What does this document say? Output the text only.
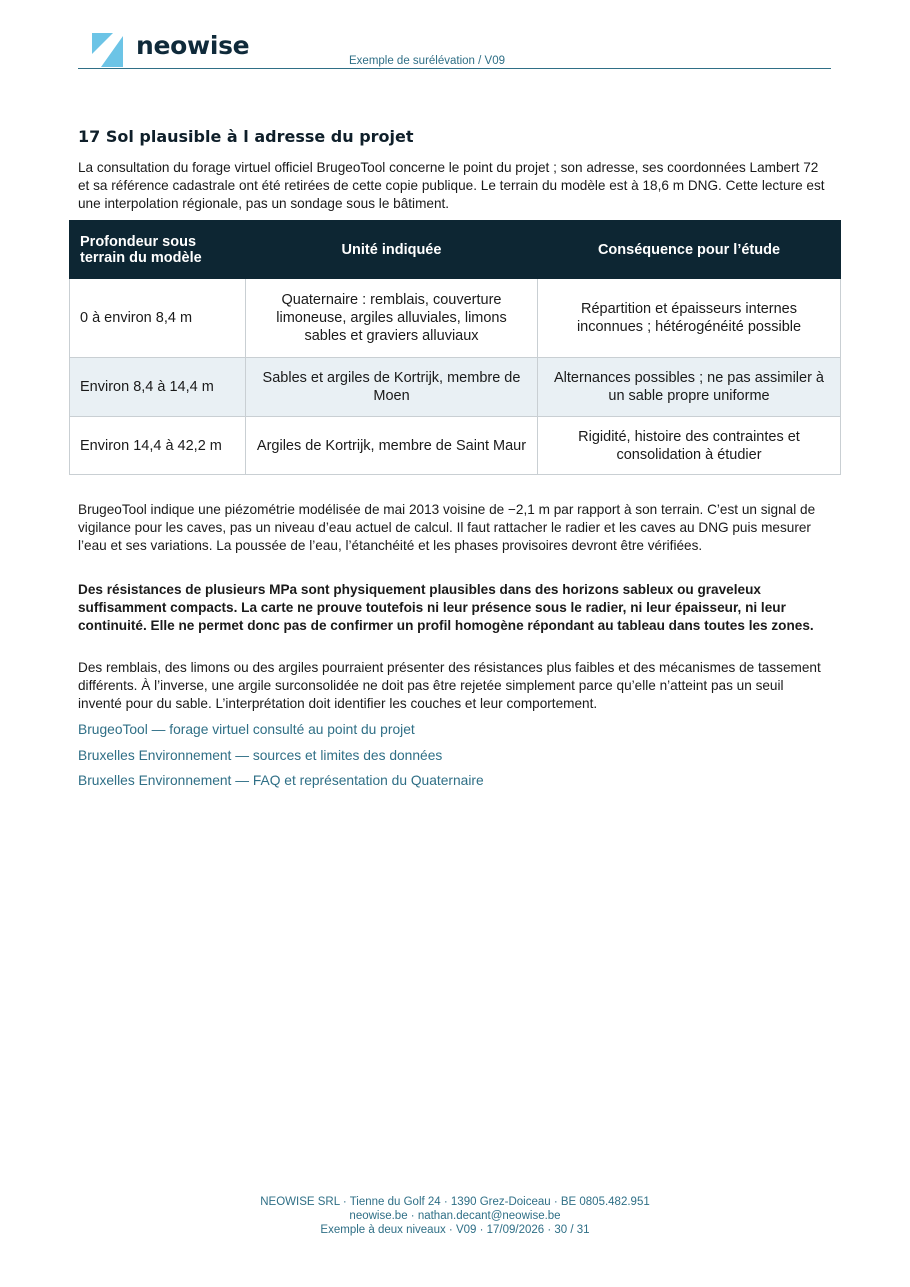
neowise
Exemple de surélévation / V09
17 Sol plausible à l adresse du projet
La consultation du forage virtuel officiel BrugeoTool concerne le point du projet ; son adresse, ses coordonnées Lambert 72 et sa référence cadastrale ont été retirées de cette copie publique. Le terrain du modèle est à 18,6 m DNG. Cette lecture est une interpolation régionale, pas un sondage sous le bâtiment.
Profondeur sous terrain du modèle	Unité indiquée	Conséquence pour l’étude
0 à environ 8,4 m	Quaternaire : remblais, couverture limoneuse, argiles alluviales, limons sables et graviers alluviaux	Répartition et épaisseurs internes inconnues ; hétérogénéité possible
Environ 8,4 à 14,4 m	Sables et argiles de Kortrijk, membre de Moen	Alternances possibles ; ne pas assimiler à un sable propre uniforme
Environ 14,4 à 42,2 m	Argiles de Kortrijk, membre de Saint Maur	Rigidité, histoire des contraintes et consolidation à étudier
BrugeoTool indique une piézométrie modélisée de mai 2013 voisine de −2,1 m par rapport à son terrain. C’est un signal de vigilance pour les caves, pas un niveau d’eau actuel de calcul. Il faut rattacher le radier et les caves au DNG puis mesurer l’eau et ses variations. La poussée de l’eau, l’étanchéité et les phases provisoires devront être vérifiées.
Des résistances de plusieurs MPa sont physiquement plausibles dans des horizons sableux ou graveleux suffisamment compacts. La carte ne prouve toutefois ni leur présence sous le radier, ni leur épaisseur, ni leur continuité. Elle ne permet donc pas de confirmer un profil homogène répondant au tableau dans toutes les zones.
Des remblais, des limons ou des argiles pourraient présenter des résistances plus faibles et des mécanismes de tassement différents. À l’inverse, une argile surconsolidée ne doit pas être rejetée simplement parce qu’elle n’atteint pas un seuil inventé pour du sable. L’interprétation doit identifier les couches et leur comportement.
BrugeoTool — forage virtuel consulté au point du projet
Bruxelles Environnement — sources et limites des données
Bruxelles Environnement — FAQ et représentation du Quaternaire
NEOWISE SRL · Tienne du Golf 24 · 1390 Grez-Doiceau · BE 0805.482.951
neowise.be · nathan.decant@neowise.be
Exemple à deux niveaux · V09 · 17/09/2026 · 30 / 31
